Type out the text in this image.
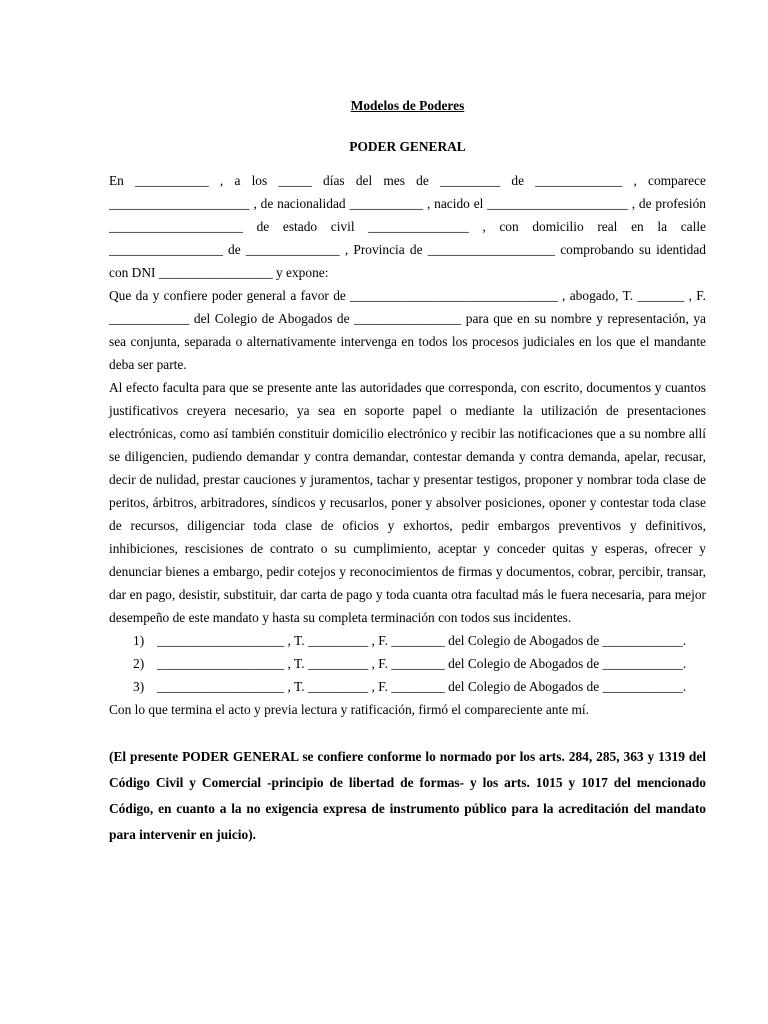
Modelos de Poderes

PODER GENERAL

En ___________ , a los _____ días del mes de _________ de _____________ , comparece _____________________ , de nacionalidad ___________ , nacido el _____________________ , de profesión ____________________ de estado civil _______________ , con domicilio real en la calle _________________ de ______________ , Provincia de ___________________ comprobando su identidad con DNI _________________ y expone:

Que da y confiere poder general a favor de _______________________________ , abogado, T. _______ , F. ____________ del Colegio de Abogados de ________________ para que en su nombre y representación, ya sea conjunta, separada o alternativamente intervenga en todos los procesos judiciales en los que el mandante deba ser parte.

Al efecto faculta para que se presente ante las autoridades que corresponda, con escrito, documentos y cuantos justificativos creyera necesario, ya sea en soporte papel o mediante la utilización de presentaciones electrónicas, como así también constituir domicilio electrónico y recibir las notificaciones que a su nombre allí se diligencien, pudiendo demandar y contra demandar, contestar demanda y contra demanda, apelar, recusar, decir de nulidad, prestar cauciones y juramentos, tachar y presentar testigos, proponer y nombrar toda clase de peritos, árbitros, arbitradores, síndicos y recusarlos, poner y absolver posiciones, oponer y contestar toda clase de recursos, diligenciar toda clase de oficios y exhortos, pedir embargos preventivos y definitivos, inhibiciones, rescisiones de contrato o su cumplimiento, aceptar y conceder quitas y esperas, ofrecer y denunciar bienes a embargo, pedir cotejos y reconocimientos de firmas y documentos, cobrar, percibir, transar, dar en pago, desistir, substituir, dar carta de pago y toda cuanta otra facultad más le fuera necesaria, para mejor desempeño de este mandato y hasta su completa terminación con todos sus incidentes.

1) ___________________ , T. _________ , F. ________ del Colegio de Abogados de ____________.
2) ___________________ , T. _________ , F. ________ del Colegio de Abogados de ____________.
3) ___________________ , T. _________ , F. ________ del Colegio de Abogados de ____________.

Con lo que termina el acto y previa lectura y ratificación, firmó el compareciente ante mí.

(El presente PODER GENERAL se confiere conforme lo normado por los arts. 284, 285, 363 y 1319 del Código Civil y Comercial -principio de libertad de formas- y los arts. 1015 y 1017 del mencionado Código, en cuanto a la no exigencia expresa de instrumento público para la acreditación del mandato para intervenir en juicio).
